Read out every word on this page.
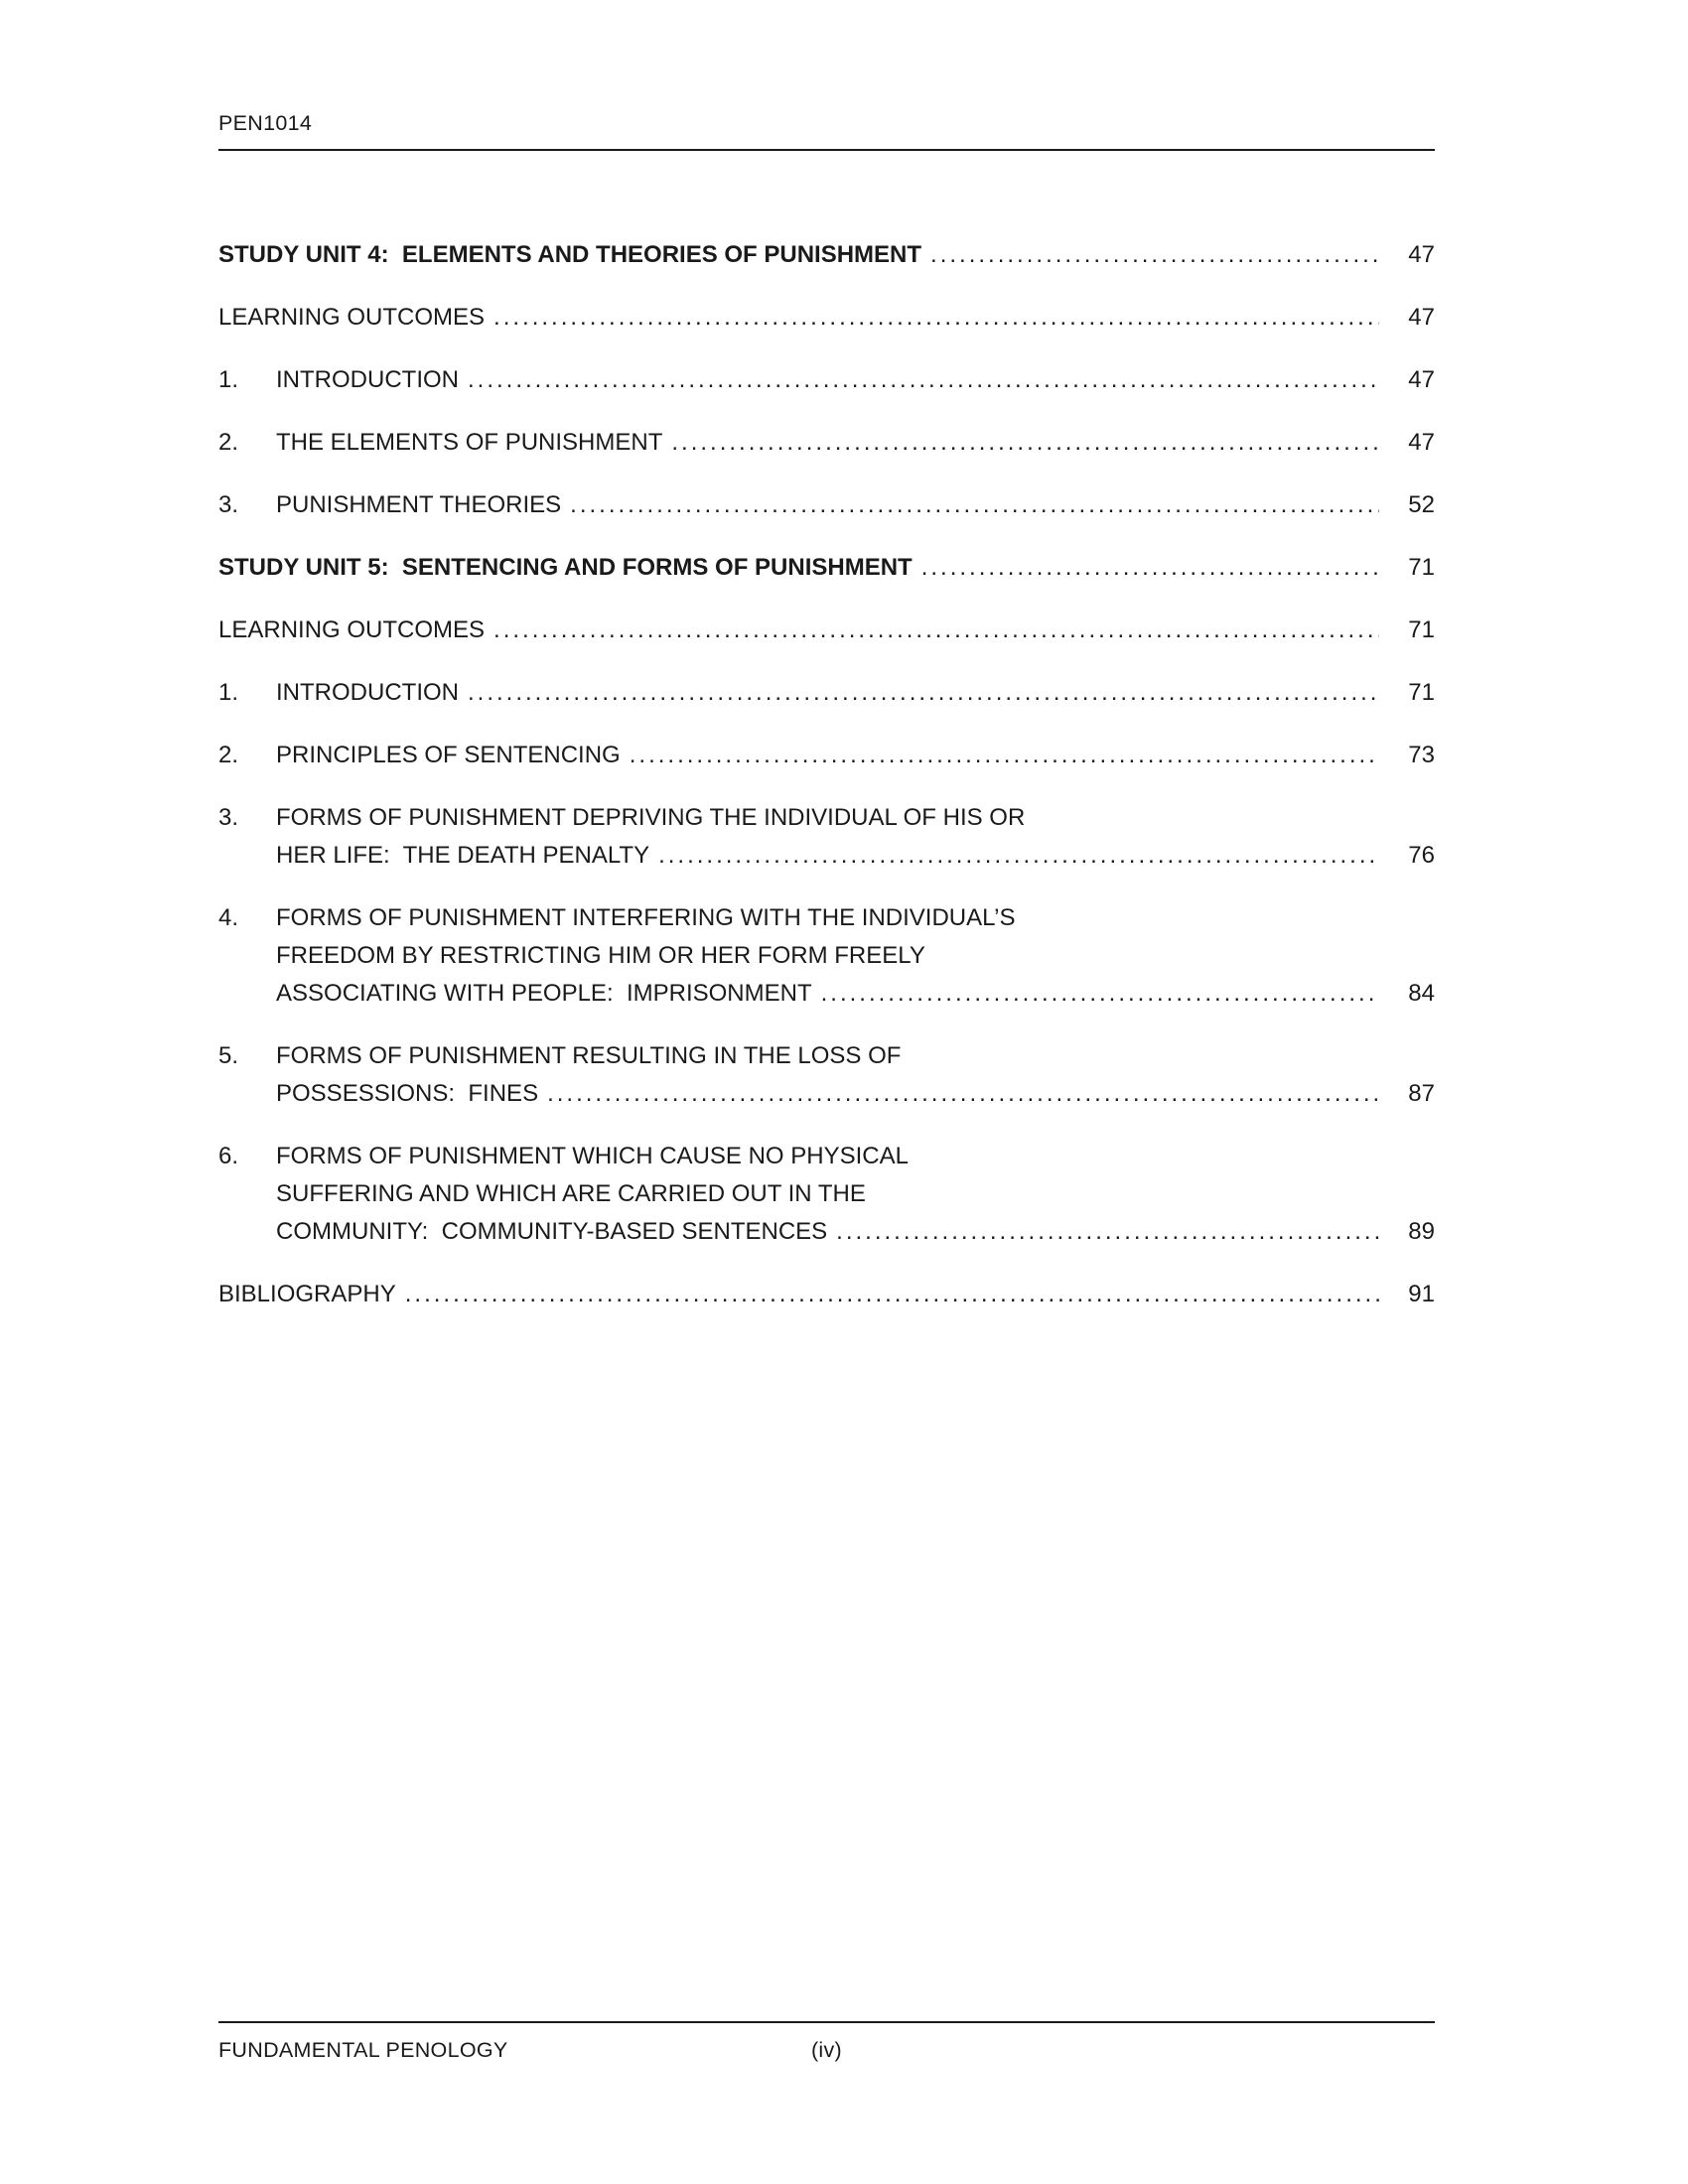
PEN1014
STUDY UNIT 4:  ELEMENTS AND THEORIES OF PUNISHMENT .....	47
LEARNING OUTCOMES .....	47
1.	INTRODUCTION .....	47
2.	THE ELEMENTS OF PUNISHMENT .....	47
3.	PUNISHMENT THEORIES .....	52
STUDY UNIT 5:  SENTENCING AND FORMS OF PUNISHMENT .....	71
LEARNING OUTCOMES .....	71
1.	INTRODUCTION .....	71
2.	PRINCIPLES OF SENTENCING .....	73
3.	FORMS OF PUNISHMENT DEPRIVING THE INDIVIDUAL OF HIS OR
HER LIFE:  THE DEATH PENALTY .....	76
4.	FORMS OF PUNISHMENT INTERFERING WITH THE INDIVIDUAL’S
FREEDOM BY RESTRICTING HIM OR HER FORM FREELY
ASSOCIATING WITH PEOPLE:  IMPRISONMENT .....	84
5.	FORMS OF PUNISHMENT RESULTING IN THE LOSS OF
POSSESSIONS:  FINES .....	87
6.	FORMS OF PUNISHMENT WHICH CAUSE NO PHYSICAL
SUFFERING AND WHICH ARE CARRIED OUT IN THE
COMMUNITY:  COMMUNITY-BASED SENTENCES .....	89
BIBLIOGRAPHY .....	91
FUNDAMENTAL PENOLOGY	(iv)
